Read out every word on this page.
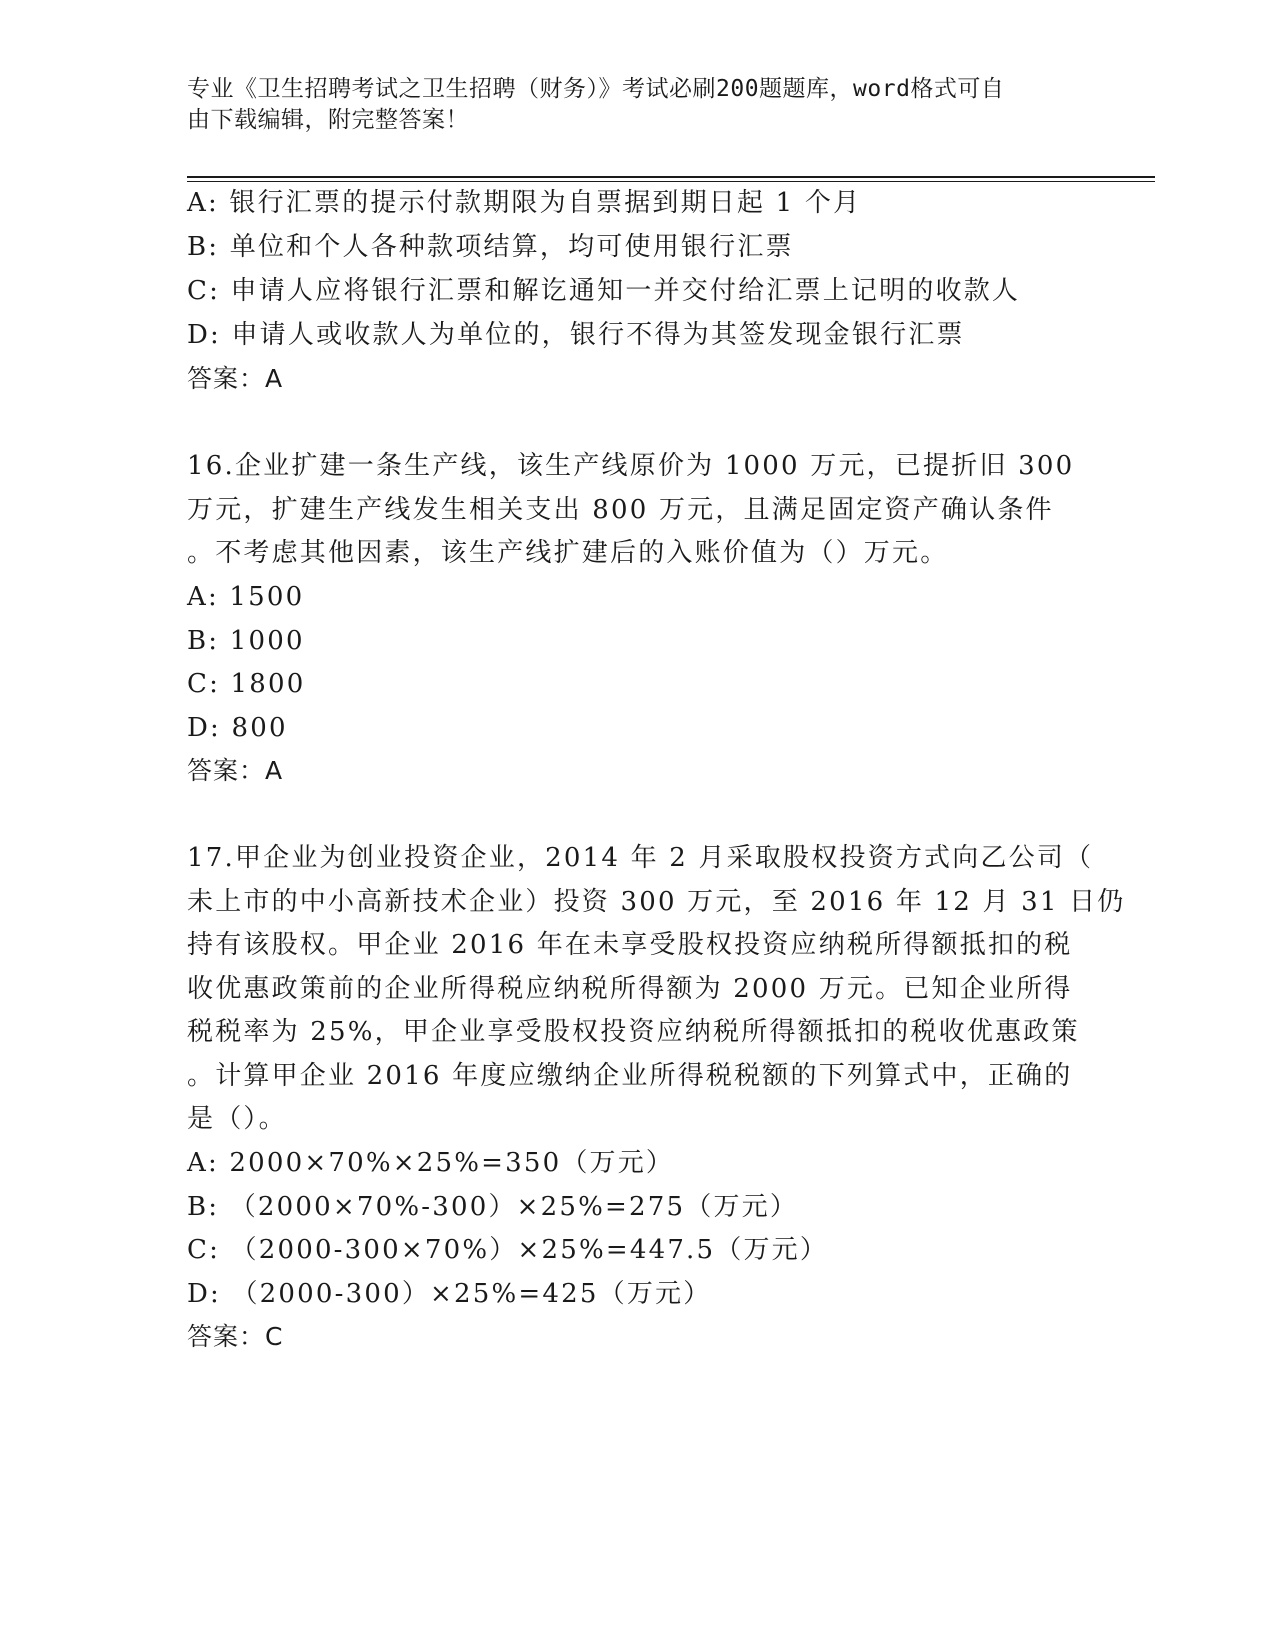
专业《卫生招聘考试之卫生招聘（财务）》考试必刷200题题库，word格式可自
由下载编辑，附完整答案！
A: 银行汇票的提示付款期限为自票据到期日起 1 个月
B: 单位和个人各种款项结算，均可使用银行汇票
C: 申请人应将银行汇票和解讫通知一并交付给汇票上记明的收款人
D: 申请人或收款人为单位的，银行不得为其签发现金银行汇票
答案：A
16.企业扩建一条生产线，该生产线原价为 1000 万元，已提折旧 300
万元，扩建生产线发生相关支出 800 万元，且满足固定资产确认条件
。不考虑其他因素，该生产线扩建后的入账价值为（）万元。
A: 1500
B: 1000
C: 1800
D: 800
答案：A
17.甲企业为创业投资企业，2014 年 2 月采取股权投资方式向乙公司（
未上市的中小高新技术企业）投资 300 万元，至 2016 年 12 月 31 日仍
持有该股权。甲企业 2016 年在未享受股权投资应纳税所得额抵扣的税
收优惠政策前的企业所得税应纳税所得额为 2000 万元。已知企业所得
税税率为 25%，甲企业享受股权投资应纳税所得额抵扣的税收优惠政策
。计算甲企业 2016 年度应缴纳企业所得税税额的下列算式中，正确的
是（）。
A: 2000×70%×25%=350（万元）
B: （2000×70%-300）×25%=275（万元）
C: （2000-300×70%）×25%=447.5（万元）
D: （2000-300）×25%=425（万元）
答案：C
